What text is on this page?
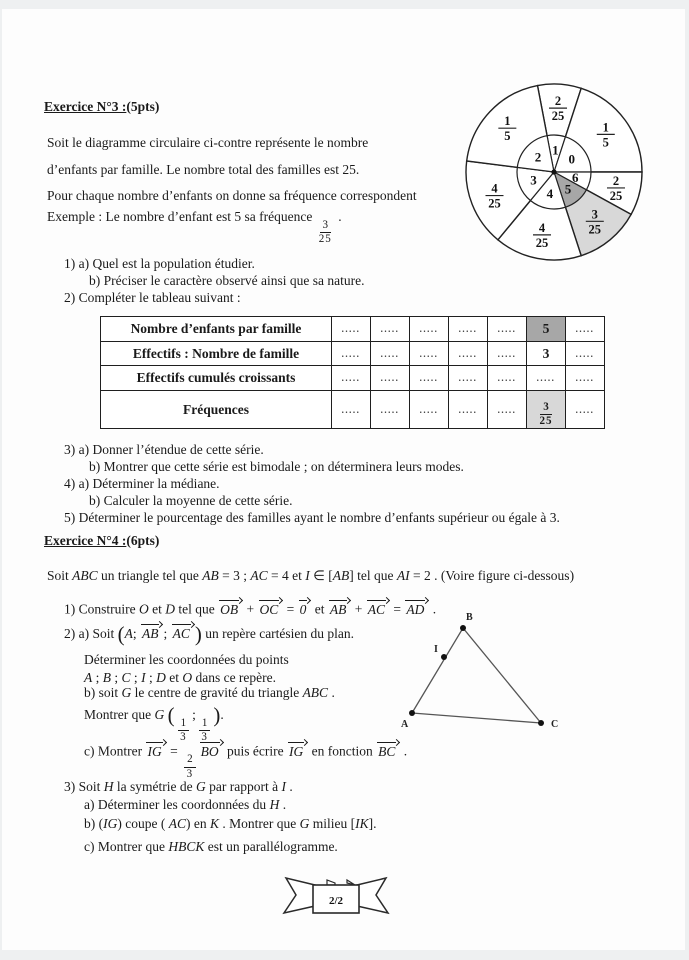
Exercice N°3 :(5pts)
Soit le diagramme circulaire ci-contre représente le nombre
d’enfants par famille. Le nombre total des familles est 25.
Pour chaque nombre d’enfants on donne sa fréquence correspondent
Exemple : Le nombre d’enfant est 5 sa fréquence
$\frac{3}{25}$
.
1
2
25
0
1
5
6	2
25
5
3
25
4
4
25
3
4
25
2
1
5
1) a) Quel est la population étudier.
b) Préciser le caractère observé ainsi que sa nature.
2) Compléter le tableau suivant :
Nombre d’enfants par famille	.....	.....	.....	.....	.....	5	.....
Effectifs : Nombre de famille	.....	.....	.....	.....	.....	3	.....
Effectifs cumulés croissants	.....	.....	.....	.....	.....	.....	.....
Fréquences	.....	.....	.....	.....	.....	$\frac{3}{25}$	.....
3) a) Donner l’étendue de cette série.
b) Montrer que cette série est bimodale ; on déterminera leurs modes.
4) a) Déterminer la médiane.
b) Calculer la moyenne de cette série.
5) Déterminer le pourcentage des familles ayant le nombre d’enfants supérieur ou égale à 3.
Exercice N°4 :(6pts)
Soit ABC un triangle tel que AB = 3 ; AC = 4 et I ∈ [AB] tel que AI = 2 . (Voire figure ci-dessous)
1) Construire O et D tel que OB + OC = 0 et AB + AC = AD .
2) a) Soit (A; AB ; AC ) un repère cartésien du plan.
Déterminer les coordonnées du points
A ; B ; C ; I ; D et O dans ce repère.
b) soit G le centre de gravité du triangle ABC .
Montrer que G (
$\frac{1}{3}$
;
$\frac{1}{3}$
).
c) Montrer IG =
$\frac{2}{3}$
BO puis écrire IG en fonction BC .
3) Soit H la symétrie de G par rapport à I .
a) Déterminer les coordonnées du H .
b) (IG) coupe ( AC) en K . Montrer que G milieu [IK].
c) Montrer que HBCK est un parallélogramme.
A
B
I
C
2/2
